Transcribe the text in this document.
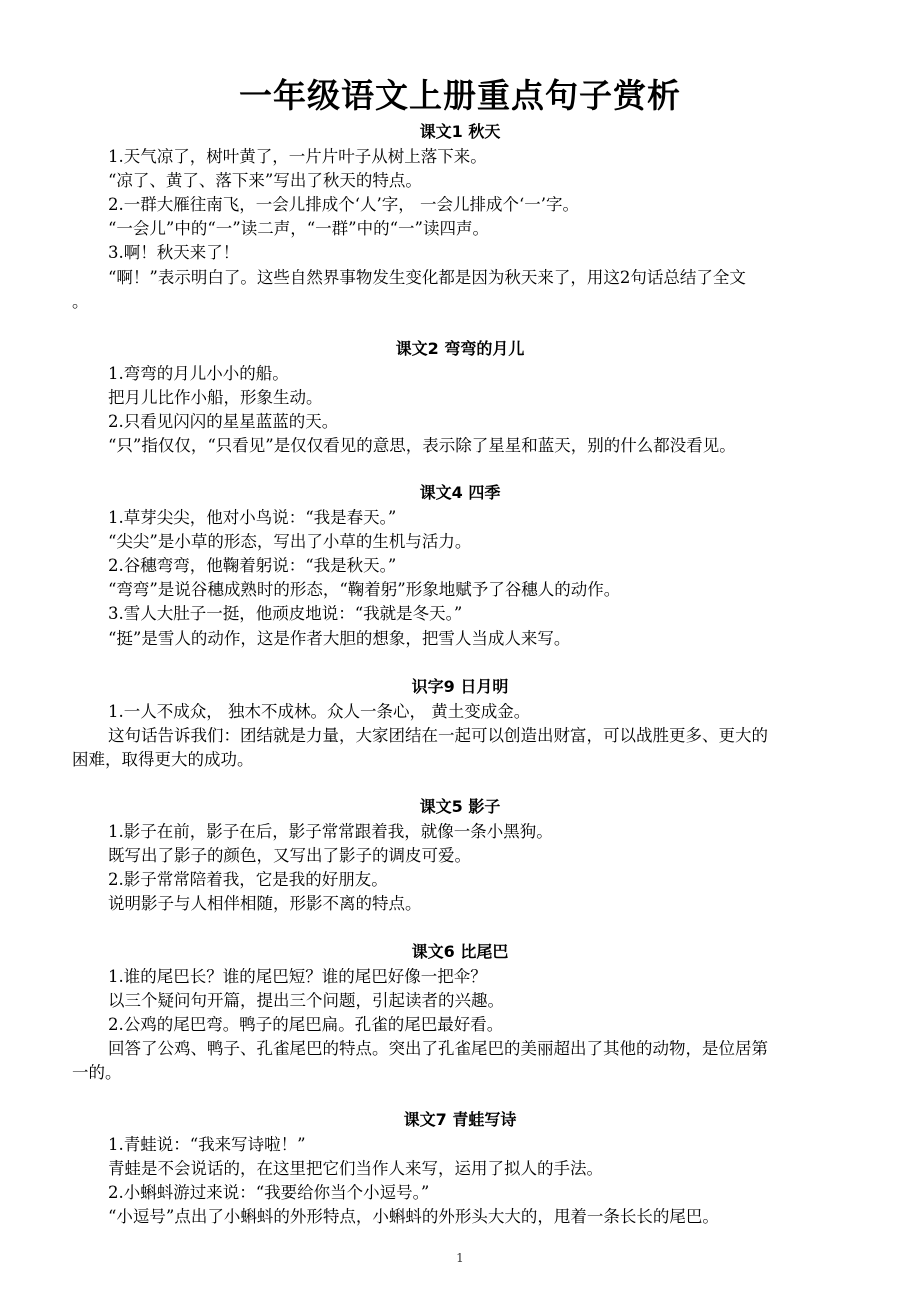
一年级语文上册重点句子赏析
课文1 秋天
1.天气凉了，树叶黄了，一片片叶子从树上落下来。
“凉了、黄了、落下来”写出了秋天的特点。
2.一群大雁往南飞，一会儿排成个‘人’字， 一会儿排成个‘一’字。
“一会儿”中的“一”读二声，“一群”中的“一”读四声。
3.啊！秋天来了！
“啊！”表示明白了。这些自然界事物发生变化都是因为秋天来了，用这2句话总结了全文
。
课文2 弯弯的月儿
1.弯弯的月儿小小的船。
把月儿比作小船，形象生动。
2.只看见闪闪的星星蓝蓝的天。
“只”指仅仅，“只看见”是仅仅看见的意思，表示除了星星和蓝天，别的什么都没看见。
课文4 四季
1.草芽尖尖，他对小鸟说：“我是春天。”
“尖尖”是小草的形态，写出了小草的生机与活力。
2.谷穗弯弯，他鞠着躬说：“我是秋天。”
“弯弯”是说谷穗成熟时的形态，“鞠着躬”形象地赋予了谷穗人的动作。
3.雪人大肚子一挺，他顽皮地说：“我就是冬天。”
“挺”是雪人的动作，这是作者大胆的想象，把雪人当成人来写。
识字9 日月明
1.一人不成众， 独木不成林。众人一条心， 黄土变成金。
这句话告诉我们：团结就是力量，大家团结在一起可以创造出财富，可以战胜更多、更大的
困难，取得更大的成功。
课文5 影子
1.影子在前，影子在后，影子常常跟着我，就像一条小黑狗。
既写出了影子的颜色，又写出了影子的调皮可爱。
2.影子常常陪着我，它是我的好朋友。
说明影子与人相伴相随，形影不离的特点。
课文6 比尾巴
1.谁的尾巴长？谁的尾巴短？谁的尾巴好像一把伞？
以三个疑问句开篇，提出三个问题，引起读者的兴趣。
2.公鸡的尾巴弯。鸭子的尾巴扁。孔雀的尾巴最好看。
回答了公鸡、鸭子、孔雀尾巴的特点。突出了孔雀尾巴的美丽超出了其他的动物，是位居第
一的。
课文7 青蛙写诗
1.青蛙说：“我来写诗啦！”
青蛙是不会说话的，在这里把它们当作人来写，运用了拟人的手法。
2.小蝌蚪游过来说：“我要给你当个小逗号。”
“小逗号”点出了小蝌蚪的外形特点，小蝌蚪的外形头大大的，甩着一条长长的尾巴。
1
